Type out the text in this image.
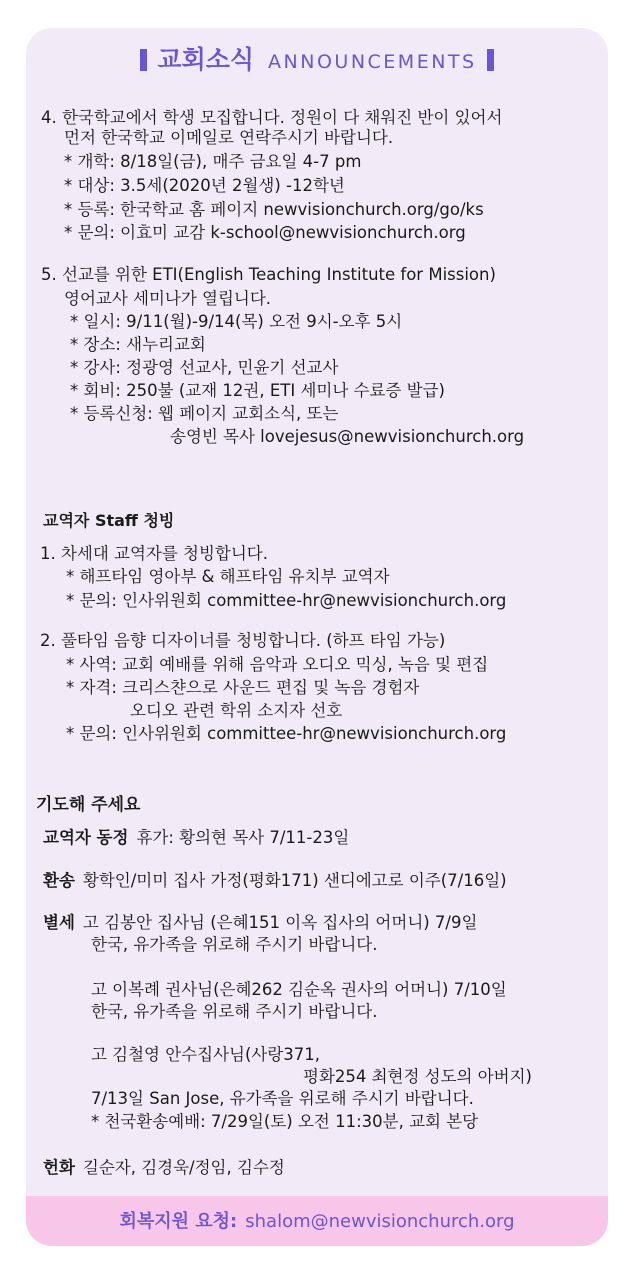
교회소식 ANNOUNCEMENTS
4. 한국학교에서 학생 모집합니다. 정원이 다 채워진 반이 있어서
먼저 한국학교 이메일로 연락주시기 바랍니다.
* 개학: 8/18일(금), 매주 금요일 4-7 pm
* 대상: 3.5세(2020년 2월생) -12학년
* 등록: 한국학교 홈 페이지 newvisionchurch.org/go/ks
* 문의: 이효미 교감 k-school@newvisionchurch.org
5. 선교를 위한 ETI(English Teaching Institute for Mission)
영어교사 세미나가 열립니다.
* 일시: 9/11(월)-9/14(목) 오전 9시-오후 5시
* 장소: 새누리교회
* 강사: 정광영 선교사, 민윤기 선교사
* 회비: 250불 (교재 12권, ETI 세미나 수료증 발급)
* 등록신청: 웹 페이지 교회소식, 또는
송영빈 목사 lovejesus@newvisionchurch.org
교역자 Staff 청빙
1. 차세대 교역자를 청빙합니다.
* 해프타임 영아부 & 해프타임 유치부 교역자
* 문의: 인사위원회 committee-hr@newvisionchurch.org
2. 풀타임 음향 디자이너를 청빙합니다. (하프 타임 가능)
* 사역: 교회 예배를 위해 음악과 오디오 믹싱, 녹음 및 편집
* 자격: 크리스챤으로 사운드 편집 및 녹음 경험자
오디오 관련 학위 소지자 선호
* 문의: 인사위원회 committee-hr@newvisionchurch.org
기도해 주세요
교역자 동정 휴가: 황의현 목사 7/11-23일
환송 황학인/미미 집사 가정(평화171) 샌디에고로 이주(7/16일)
별세 고 김봉안 집사님 (은혜151 이옥 집사의 어머니) 7/9일
한국, 유가족을 위로해 주시기 바랍니다.
고 이복례 권사님(은혜262 김순옥 권사의 어머니) 7/10일
한국, 유가족을 위로해 주시기 바랍니다.
고 김철영 안수집사님(사랑371,
평화254 최현정 성도의 아버지)
7/13일 San Jose, 유가족을 위로해 주시기 바랍니다.
* 천국환송예배: 7/29일(토) 오전 11:30분, 교회 본당
헌화 길순자, 김경욱/정임, 김수정
회복지원 요청: shalom@newvisionchurch.org
